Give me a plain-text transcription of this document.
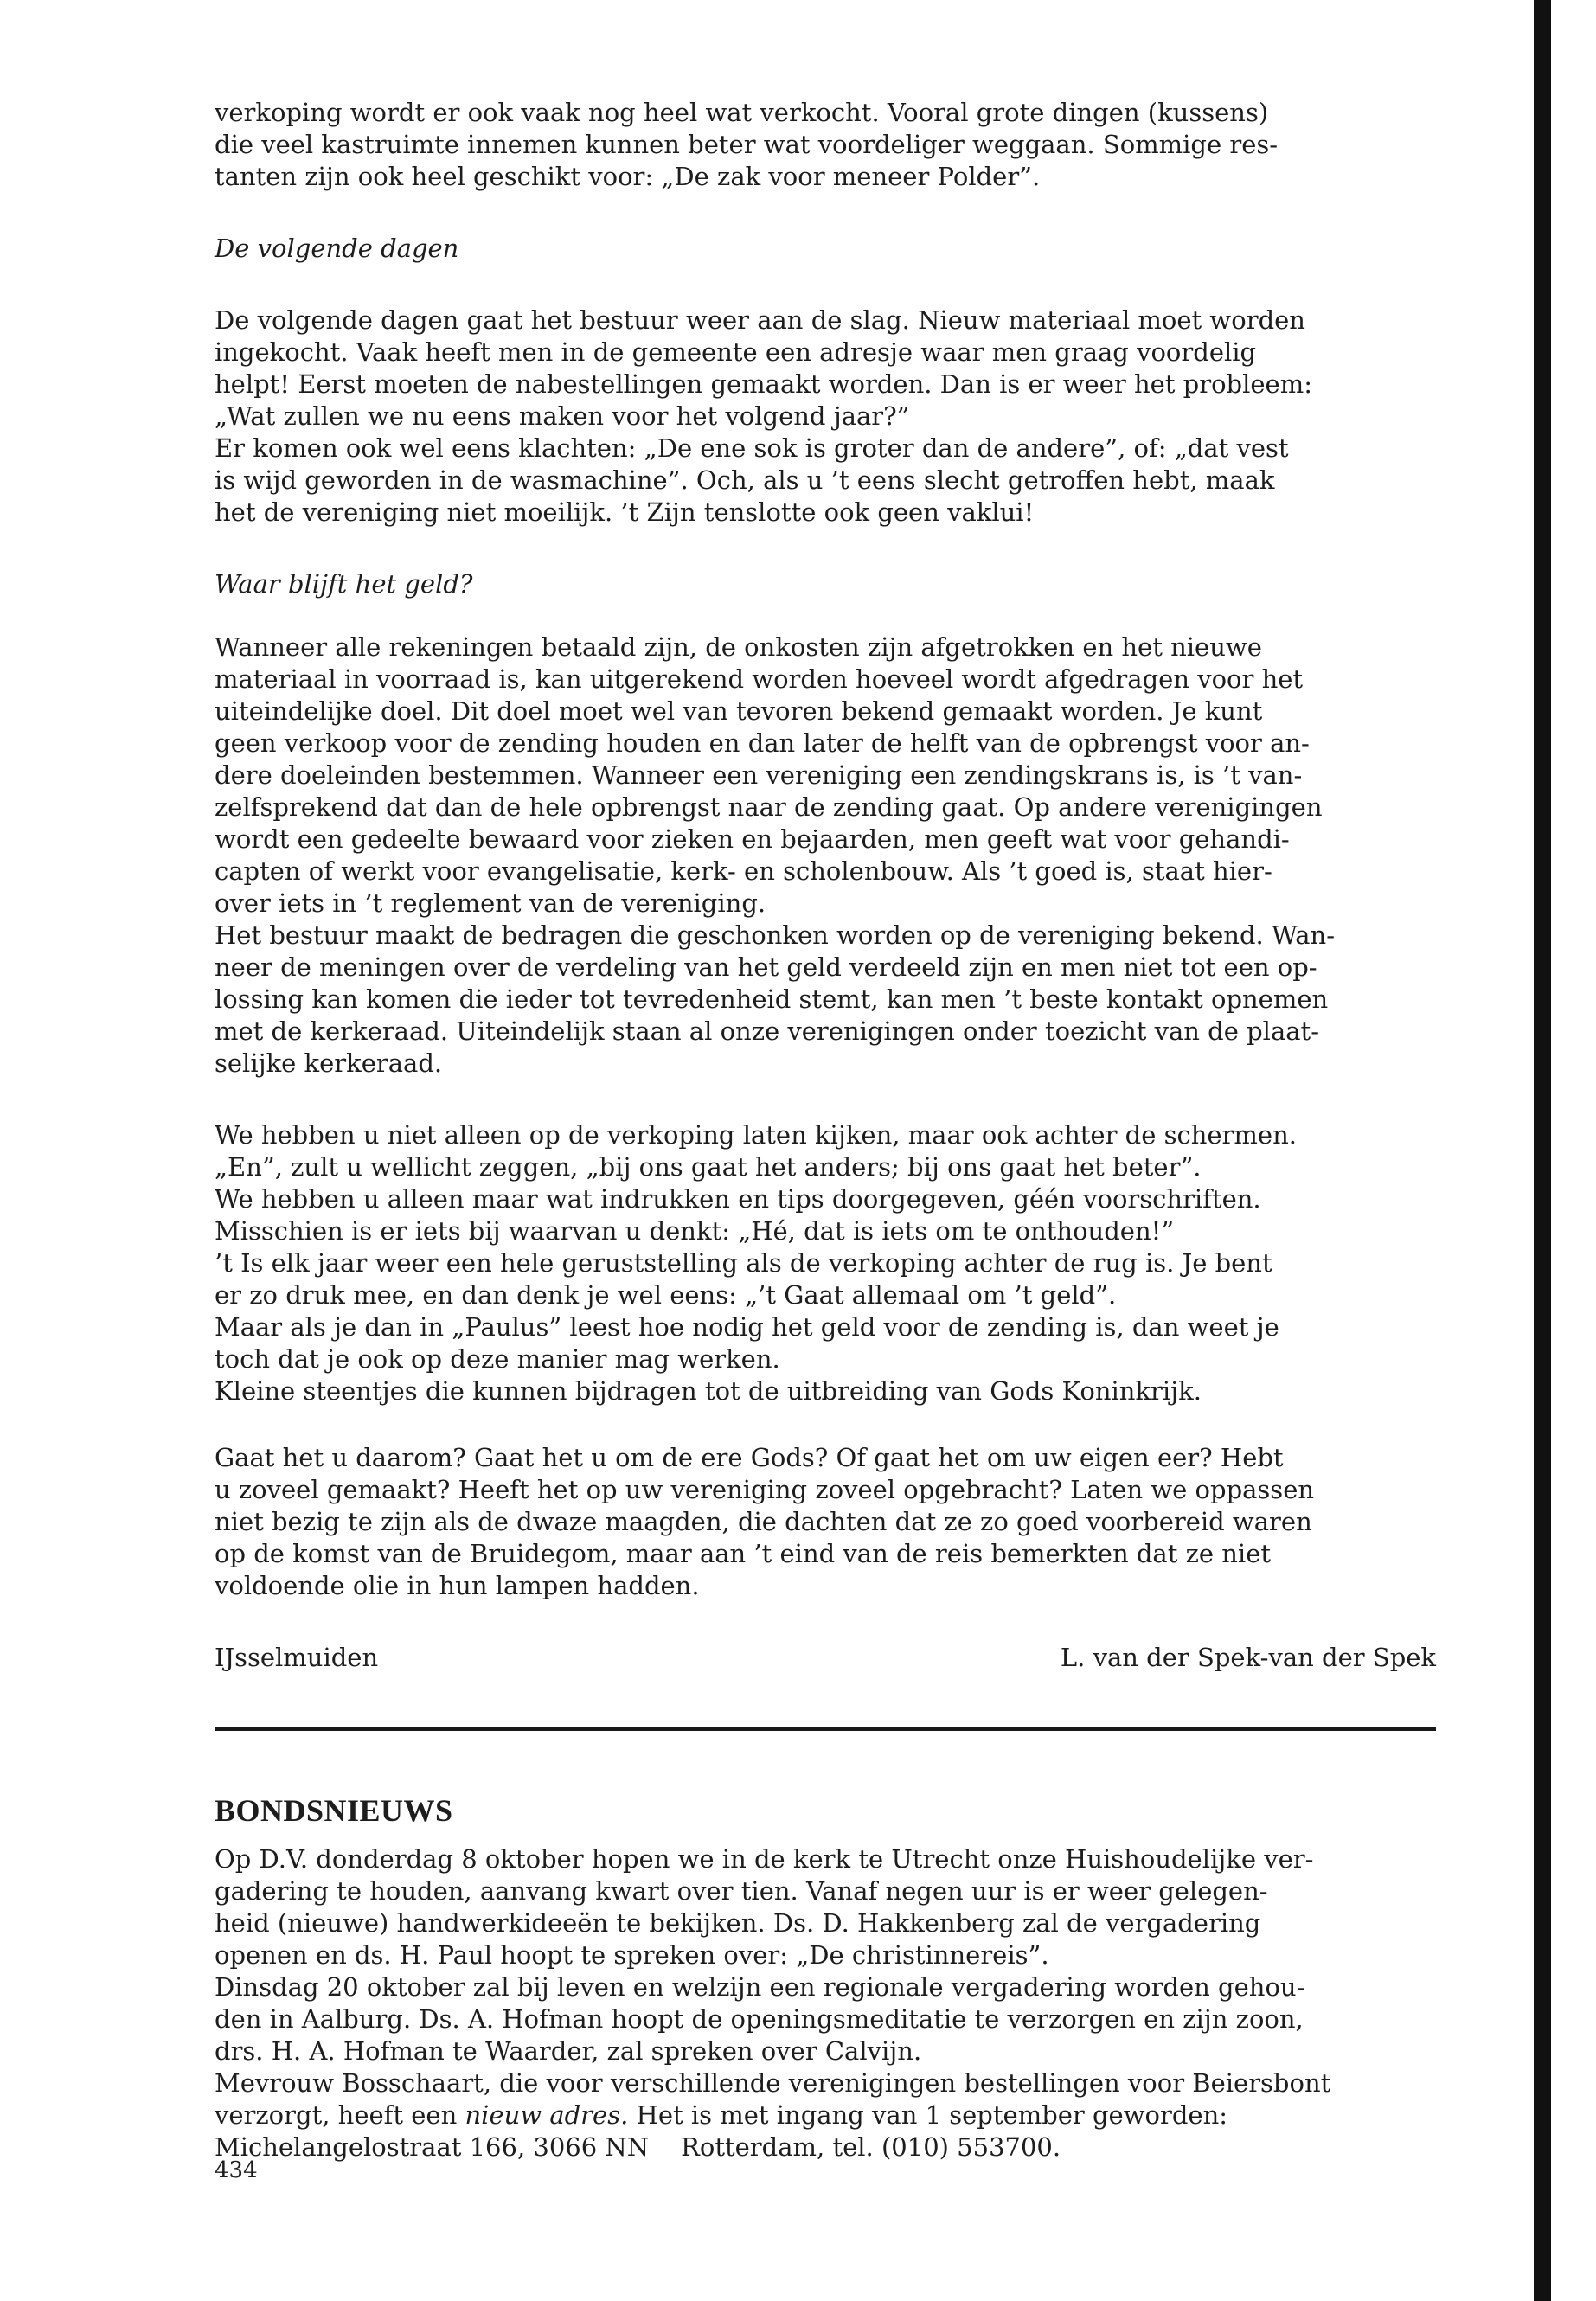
verkoping wordt er ook vaak nog heel wat verkocht. Vooral grote dingen (kussens)
die veel kastruimte innemen kunnen beter wat voordeliger weggaan. Sommige res-
tanten zijn ook heel geschikt voor: „De zak voor meneer Polder”.

De volgende dagen

De volgende dagen gaat het bestuur weer aan de slag. Nieuw materiaal moet worden
ingekocht. Vaak heeft men in de gemeente een adresje waar men graag voordelig
helpt! Eerst moeten de nabestellingen gemaakt worden. Dan is er weer het probleem:
„Wat zullen we nu eens maken voor het volgend jaar?”
Er komen ook wel eens klachten: „De ene sok is groter dan de andere”, of: „dat vest
is wijd geworden in de wasmachine”. Och, als u ’t eens slecht getroffen hebt, maak
het de vereniging niet moeilijk. ’t Zijn tenslotte ook geen vaklui!

Waar blijft het geld?

Wanneer alle rekeningen betaald zijn, de onkosten zijn afgetrokken en het nieuwe
materiaal in voorraad is, kan uitgerekend worden hoeveel wordt afgedragen voor het
uiteindelijke doel. Dit doel moet wel van tevoren bekend gemaakt worden. Je kunt
geen verkoop voor de zending houden en dan later de helft van de opbrengst voor an-
dere doeleinden bestemmen. Wanneer een vereniging een zendingskrans is, is ’t van-
zelfsprekend dat dan de hele opbrengst naar de zending gaat. Op andere verenigingen
wordt een gedeelte bewaard voor zieken en bejaarden, men geeft wat voor gehandi-
capten of werkt voor evangelisatie, kerk- en scholenbouw. Als ’t goed is, staat hier-
over iets in ’t reglement van de vereniging.
Het bestuur maakt de bedragen die geschonken worden op de vereniging bekend. Wan-
neer de meningen over de verdeling van het geld verdeeld zijn en men niet tot een op-
lossing kan komen die ieder tot tevredenheid stemt, kan men ’t beste kontakt opnemen
met de kerkeraad. Uiteindelijk staan al onze verenigingen onder toezicht van de plaat-
selijke kerkeraad.

We hebben u niet alleen op de verkoping laten kijken, maar ook achter de schermen.
„En”, zult u wellicht zeggen, „bij ons gaat het anders; bij ons gaat het beter”.
We hebben u alleen maar wat indrukken en tips doorgegeven, géén voorschriften.
Misschien is er iets bij waarvan u denkt: „Hé, dat is iets om te onthouden!”
’t Is elk jaar weer een hele geruststelling als de verkoping achter de rug is. Je bent
er zo druk mee, en dan denk je wel eens: „’t Gaat allemaal om ’t geld”.
Maar als je dan in „Paulus” leest hoe nodig het geld voor de zending is, dan weet je
toch dat je ook op deze manier mag werken.
Kleine steentjes die kunnen bijdragen tot de uitbreiding van Gods Koninkrijk.

Gaat het u daarom? Gaat het u om de ere Gods? Of gaat het om uw eigen eer? Hebt
u zoveel gemaakt? Heeft het op uw vereniging zoveel opgebracht? Laten we oppassen
niet bezig te zijn als de dwaze maagden, die dachten dat ze zo goed voorbereid waren
op de komst van de Bruidegom, maar aan ’t eind van de reis bemerkten dat ze niet
voldoende olie in hun lampen hadden.

IJsselmuiden	L. van der Spek-van der Spek
BONDSNIEUWS

Op D.V. donderdag 8 oktober hopen we in de kerk te Utrecht onze Huishoudelijke ver-
gadering te houden, aanvang kwart over tien. Vanaf negen uur is er weer gelegen-
heid (nieuwe) handwerkideeën te bekijken. Ds. D. Hakkenberg zal de vergadering
openen en ds. H. Paul hoopt te spreken over: „De christinnereis”.
Dinsdag 20 oktober zal bij leven en welzijn een regionale vergadering worden gehou-
den in Aalburg. Ds. A. Hofman hoopt de openingsmeditatie te verzorgen en zijn zoon,
drs. H. A. Hofman te Waarder, zal spreken over Calvijn.
Mevrouw Bosschaart, die voor verschillende verenigingen bestellingen voor Beiersbont
verzorgt, heeft een nieuw adres. Het is met ingang van 1 september geworden:
Michelangelostraat 166, 3066 NN    Rotterdam, tel. (010) 553700.

434
